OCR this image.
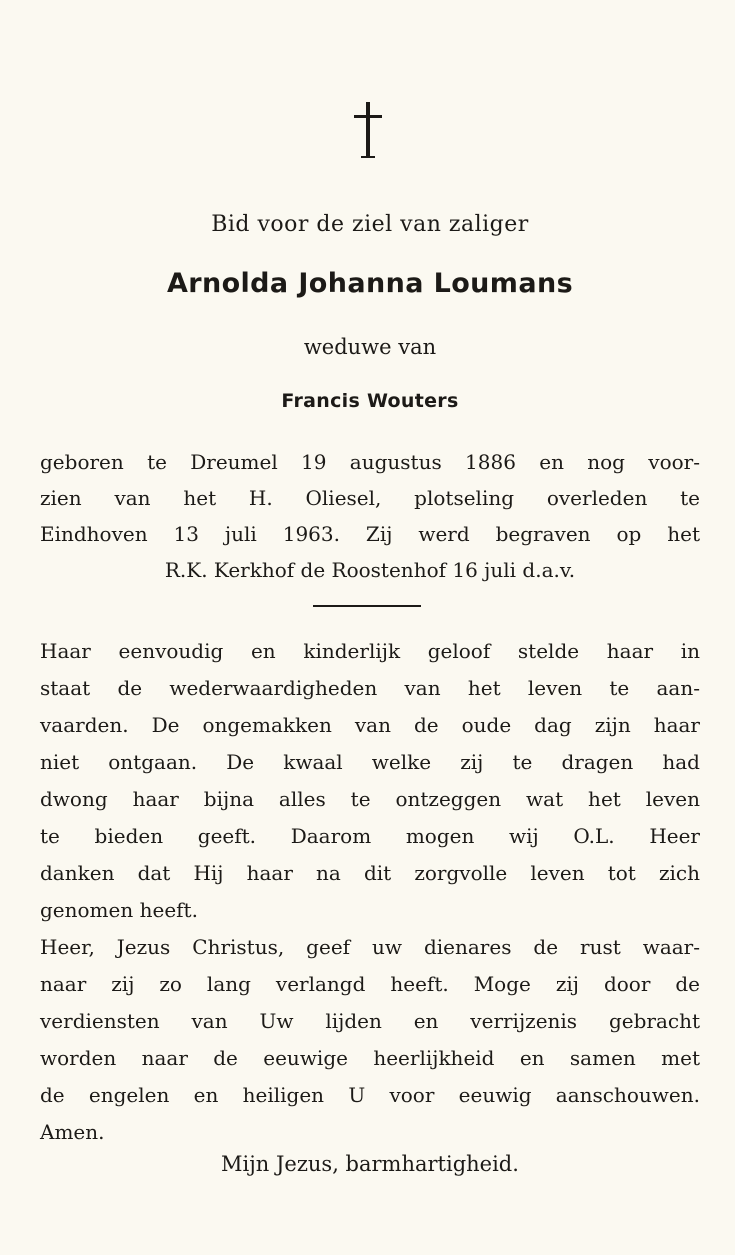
Bid voor de ziel van zaliger

Arnolda Johanna Loumans

weduwe van

Francis Wouters

geboren te Dreumel 19 augustus 1886 en nog voor-
zien van het H. Oliesel, plotseling overleden te
Eindhoven 13 juli 1963. Zij werd begraven op het
R.K. Kerkhof de Roostenhof 16 juli d.a.v.
Haar eenvoudig en kinderlijk geloof stelde haar in
staat de wederwaardigheden van het leven te aan-
vaarden. De ongemakken van de oude dag zijn haar
niet ontgaan. De kwaal welke zij te dragen had
dwong haar bijna alles te ontzeggen wat het leven
te bieden geeft. Daarom mogen wij O.L. Heer
danken dat Hij haar na dit zorgvolle leven tot zich
genomen heeft.
Heer, Jezus Christus, geef uw dienares de rust waar-
naar zij zo lang verlangd heeft. Moge zij door de
verdiensten van Uw lijden en verrijzenis gebracht
worden naar de eeuwige heerlijkheid en samen met
de engelen en heiligen U voor eeuwig aanschouwen.
Amen.

Mijn Jezus, barmhartigheid.
